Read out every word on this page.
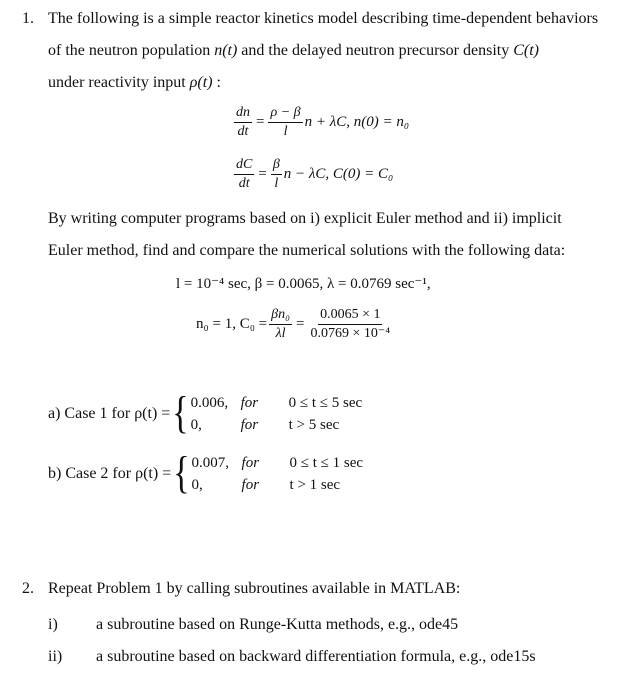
1. The following is a simple reactor kinetics model describing time-dependent behaviors
of the neutron population n(t) and the delayed neutron precursor density C(t)
under reactivity input ρ(t) :
$\frac{dn}{dt} = \frac{\rho - \beta}{l}$ n + λC, n(0) = n₀
$\frac{dC}{dt} = \frac{\beta}{l}$ n − λC, C(0) = C₀
By writing computer programs based on i) explicit Euler method and ii) implicit
Euler method, find and compare the numerical solutions with the following data:
l = 10⁻⁴ sec, β = 0.0065, λ = 0.0769 sec⁻¹,
n₀ = 1, $C_0 = \frac{\text{βn₀}}{\lambda l} = \frac{0.0065 \times 1}{\text{0.0769 × 10⁻⁴}}$
a) Case 1 for ρ(t) = { 0.006, for	0 ≤ t ≤ 5 sec
0,	for	t > 5 sec
b) Case 2 for ρ(t) = { 0.007, for	0 ≤ t ≤ 1 sec
0,	for	t > 1 sec
2. Repeat Problem 1 by calling subroutines available in MATLAB:
i) a subroutine based on Runge-Kutta methods, e.g., ode45
ii) a subroutine based on backward differentiation formula, e.g., ode15s
